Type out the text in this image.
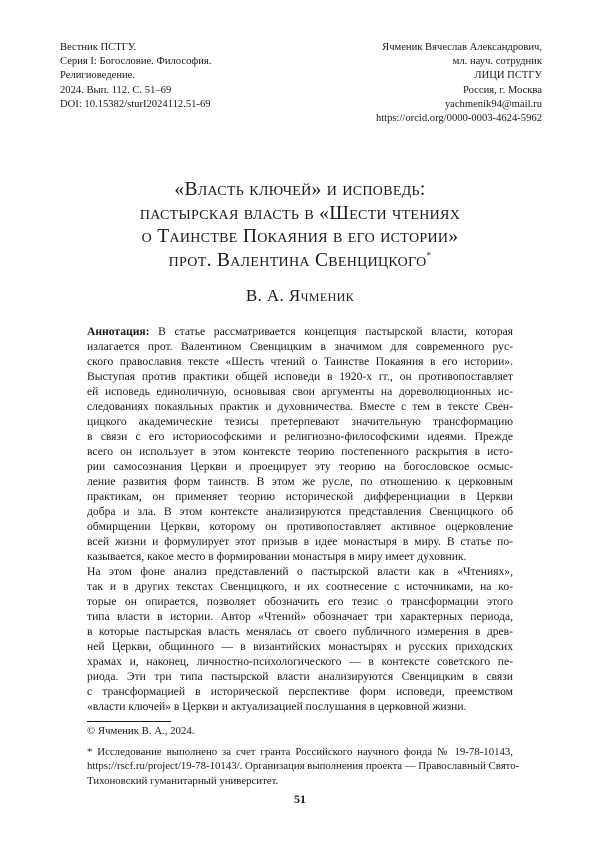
Вестник ПСТГУ.
Серия I: Богословие. Философия.
Религиоведение.
2024. Вып. 112. С. 51–69
DOI: 10.15382/sturI2024112.51-69
Ячменик Вячеслав Александрович,
мл. науч. сотрудник
ЛИЦИ ПСТГУ
Россия, г. Москва
yachmenik94@mail.ru
https://orcid.org/0000-0003-4624-5962
«Власть ключей» и исповедь:
пастырская власть в «Шести чтениях
о Таинстве Покаяния в его истории»
прот. Валентина Свенцицкого*
В. А. Ячменик
Аннотация: В статье рассматривается концепция пастырской власти, которая
излагается прот. Валентином Свенцицким в значимом для современного рус-
ского православия тексте «Шесть чтений о Таинстве Покаяния в его истории».
Выступая против практики общей исповеди в 1920-х гг., он противопоставляет
ей исповедь единоличную, основывая свои аргументы на дореволюционных ис-
следованиях покаяльных практик и духовничества. Вместе с тем в тексте Свен-
цицкого академические тезисы претерпевают значительную трансформацию
в связи с его историософскими и религиозно-философскими идеями. Прежде
всего он использует в этом контексте теорию постепенного раскрытия в исто-
рии самосознания Церкви и проецирует эту теорию на богословское осмыс-
ление развития форм таинств. В этом же русле, по отношению к церковным
практикам, он применяет теорию исторической дифференциации в Церкви
добра и зла. В этом контексте анализируются представления Свенцицкого об
обмирщении Церкви, которому он противопоставляет активное оцерковление
всей жизни и формулирует этот призыв в идее монастыря в миру. В статье по-
казывается, какое место в формировании монастыря в миру имеет духовник.
На этом фоне анализ представлений о пастырской власти как в «Чтениях»,
так и в других текстах Свенцицкого, и их соотнесение с источниками, на ко-
торые он опирается, позволяет обозначить его тезис о трансформации этого
типа власти в истории. Автор «Чтений» обозначает три характерных периода,
в которые пастырская власть менялась от своего публичного измерения в древ-
ней Церкви, общинного — в византийских монастырях и русских приходских
храмах и, наконец, личностно-психологического — в контексте советского пе-
риода. Эти три типа пастырской власти анализируются Свенцицким в связи
с трансформацией в исторической перспективе форм исповеди, преемством
«власти ключей» в Церкви и актуализацией послушания в церковной жизни.
© Ячменик В. А., 2024.
* Исследование выполнено за счет гранта Российского научного фонда № 19-78-10143,
https://rscf.ru/project/19-78-10143/. Организация выполнения проекта — Православный Свято-
Тихоновский гуманитарный университет.
51
